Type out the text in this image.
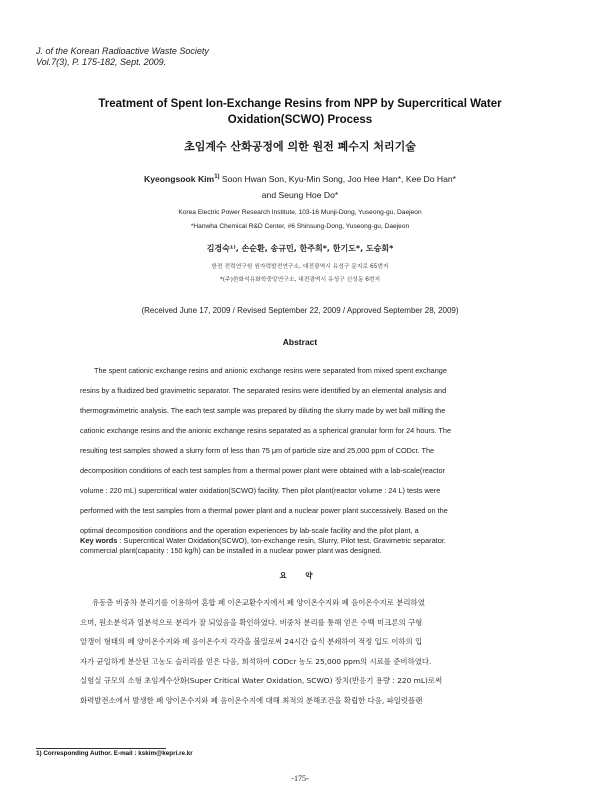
J. of the Korean Radioactive Waste Society
Vol.7(3), P. 175-182, Sept. 2009.
Treatment of Spent Ion-Exchange Resins from NPP by Supercritical Water
Oxidation(SCWO) Process
초임계수 산화공정에 의한 원전 폐수지 처리기술
Kyeongsook Kim$^{1)}$ Soon Hwan Son, Kyu-Min Song, Joo Hee Han*, Kee Do Han*
and Seung Hoe Do*
Korea Electric Power Research Institute, 103-16 Munji-Dong, Yuseong-gu, Daejeon
*Hanwha Chemical R&D Center, #6 Shinsung-Dong, Yuseong-gu, Daejeon
김경숙¹⁾, 손순환, 송규민, 한주희*, 한기도*, 도승회*
한전 전력연구원 원자력발전연구소, 대전광역시 유성구 문지로 65번지
*(주)한화석유화학중앙연구소, 대전광역시 유성구 신성동 6번지
(Received June 17, 2009 / Revised September 22, 2009 / Approved September 28, 2009)
Abstract
The spent cationic exchange resins and anionic exchange resins were separated from mixed spent exchange
resins by a fluidized bed gravimetric separator. The separated resins were identified by an elemental analysis and
thermogravimetric analysis. The each test sample was prepared by diluting the slurry made by wet ball milling the
cationic exchange resins and the anionic exchange resins separated as a spherical granular form for 24 hours. The
resulting test samples showed a slurry form of less than 75 μm of particle size and 25,000 ppm of CODcr. The
decomposition conditions of each test samples from a thermal power plant were obtained with a lab-scale(reactor
volume : 220 mL) supercritical water oxidation(SCWO) facility. Then pilot plant(reactor volume : 24 L) tests were
performed with the test samples from a thermal power plant and a nuclear power plant successively. Based on the
optimal decomposition conditions and the operation experiences by lab-scale facility and the pilot plant, a
commercial plant(capacity : 150 kg/h) can be installed in a nuclear power plant was designed.
Key words : Supercritical Water Oxidation(SCWO), Ion-exchange resin, Slurry, Pilot test, Gravimetric separator.
요 약
유동층 비중차 분리기를 이용하여 혼합 폐 이온교환수지에서 폐 양이온수지와 폐 음이온수지로 분리하였
으며, 원소분석과 열분석으로 분리가 잘 되었음을 확인하였다. 비중차 분리를 통해 얻은 수백 미크론의 구형
알갱이 형태의 폐 양이온수지와 폐 음이온수지 각각을 볼밀로써 24시간 습식 분쇄하여 적정 입도 이하의 입
자가 균일하게 분산된 고농도 슬러리를 얻은 다음, 희석하여 CODcr 농도 25,000 ppm의 시료를 준비하였다.
실험실 규모의 소형 초임계수산화(Super Critical Water Oxidation, SCWO) 장치(반응기 용량 : 220 mL)로써
화력발전소에서 발생한 폐 양이온수지와 폐 음이온수지에 대해 최적의 분해조건을 확립한 다음, 파일럿플랜
1) Corresponding Author. E-mail : kskim@kepri.re.kr
-175-
